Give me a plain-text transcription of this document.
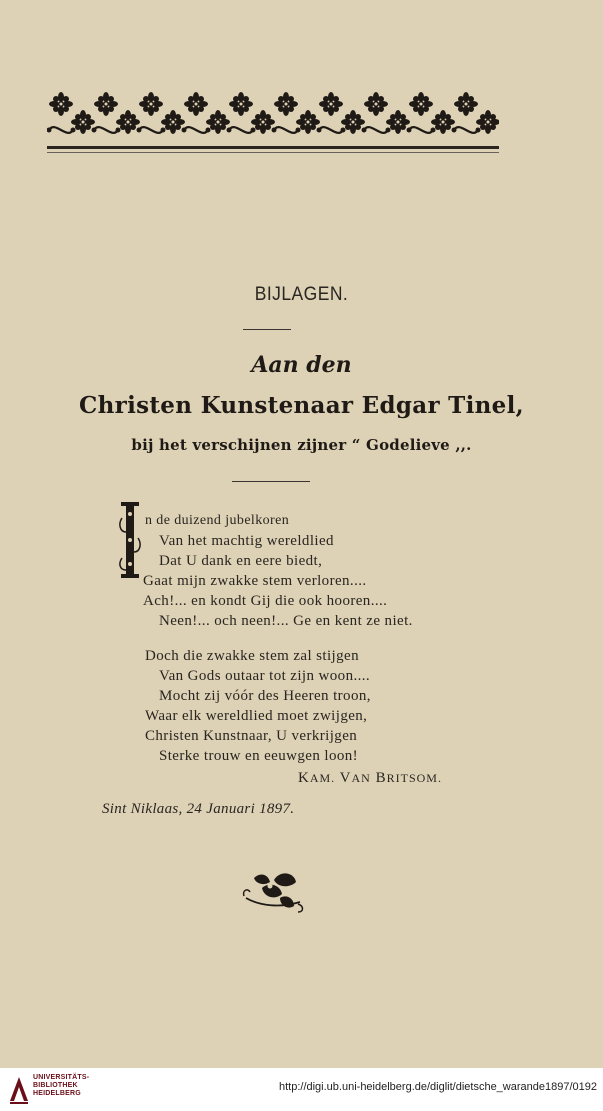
BIJLAGEN.
Aan den
Christen Kunstenaar Edgar Tinel,
bij het verschijnen zijner “ Godelieve ,,.
n de duizend jubelkoren
Van het machtig wereldlied
Dat U dank en eere biedt,
Gaat mijn zwakke stem verloren....
Ach!... en kondt Gij die ook hooren....
Neen!... och neen!... Ge en kent ze niet.
Doch die zwakke stem zal stijgen
Van Gods outaar tot zijn woon....
Mocht zij vóór des Heeren troon,
Waar elk wereldlied moet zwijgen,
Christen Kunstnaar, U verkrijgen
Sterke trouw en eeuwgen loon!
KAM. VAN BRITSOM.
Sint Niklaas, 24 Januari 1897.
UNIVERSITÄTS-
BIBLIOTHEK
HEIDELBERG
http://digi.ub.uni-heidelberg.de/diglit/dietsche_warande1897/0192
